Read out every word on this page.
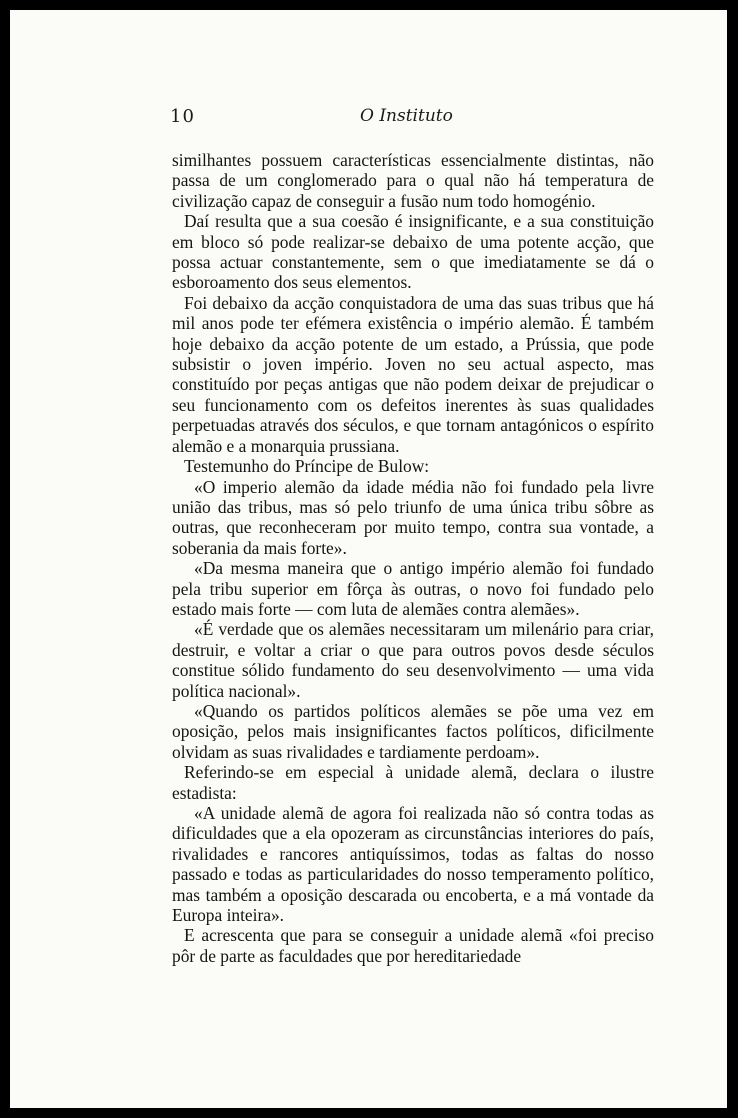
10	O Instituto

similhantes possuem características essencialmente distintas, não passa de um conglomerado para o qual não há temperatura de civilização capaz de conseguir a fusão num todo homogénio.

Daí resulta que a sua coesão é insignificante, e a sua constituição em bloco só pode realizar-se debaixo de uma potente acção, que possa actuar constantemente, sem o que imediatamente se dá o esboroamento dos seus elementos.

Foi debaixo da acção conquistadora de uma das suas tribus que há mil anos pode ter efémera existência o império alemão. É também hoje debaixo da acção potente de um estado, a Prússia, que pode subsistir o joven império. Joven no seu actual aspecto, mas constituído por peças antigas que não podem deixar de prejudicar o seu funcionamento com os defeitos inerentes às suas qualidades perpetuadas através dos séculos, e que tornam antagónicos o espírito alemão e a monarquia prussiana.

Testemunho do Príncipe de Bulow:

«O imperio alemão da idade média não foi fundado pela livre união das tribus, mas só pelo triunfo de uma única tribu sôbre as outras, que reconheceram por muito tempo, contra sua vontade, a soberania da mais forte».

«Da mesma maneira que o antigo império alemão foi fundado pela tribu superior em fôrça às outras, o novo foi fundado pelo estado mais forte — com luta de alemães contra alemães».

«É verdade que os alemães necessitaram um milenário para criar, destruir, e voltar a criar o que para outros povos desde séculos constitue sólido fundamento do seu desenvolvimento — uma vida política nacional».

«Quando os partidos políticos alemães se põe uma vez em oposição, pelos mais insignificantes factos políticos, dificilmente olvidam as suas rivalidades e tardiamente perdoam».

Referindo-se em especial à unidade alemã, declara o ilustre estadista:

«A unidade alemã de agora foi realizada não só contra todas as dificuldades que a ela opozeram as circunstâncias interiores do país, rivalidades e rancores antiquíssimos, todas as faltas do nosso passado e todas as particularidades do nosso temperamento político, mas também a oposição descarada ou encoberta, e a má vontade da Europa inteira».

E acrescenta que para se conseguir a unidade alemã «foi preciso pôr de parte as faculdades que por hereditariedade
